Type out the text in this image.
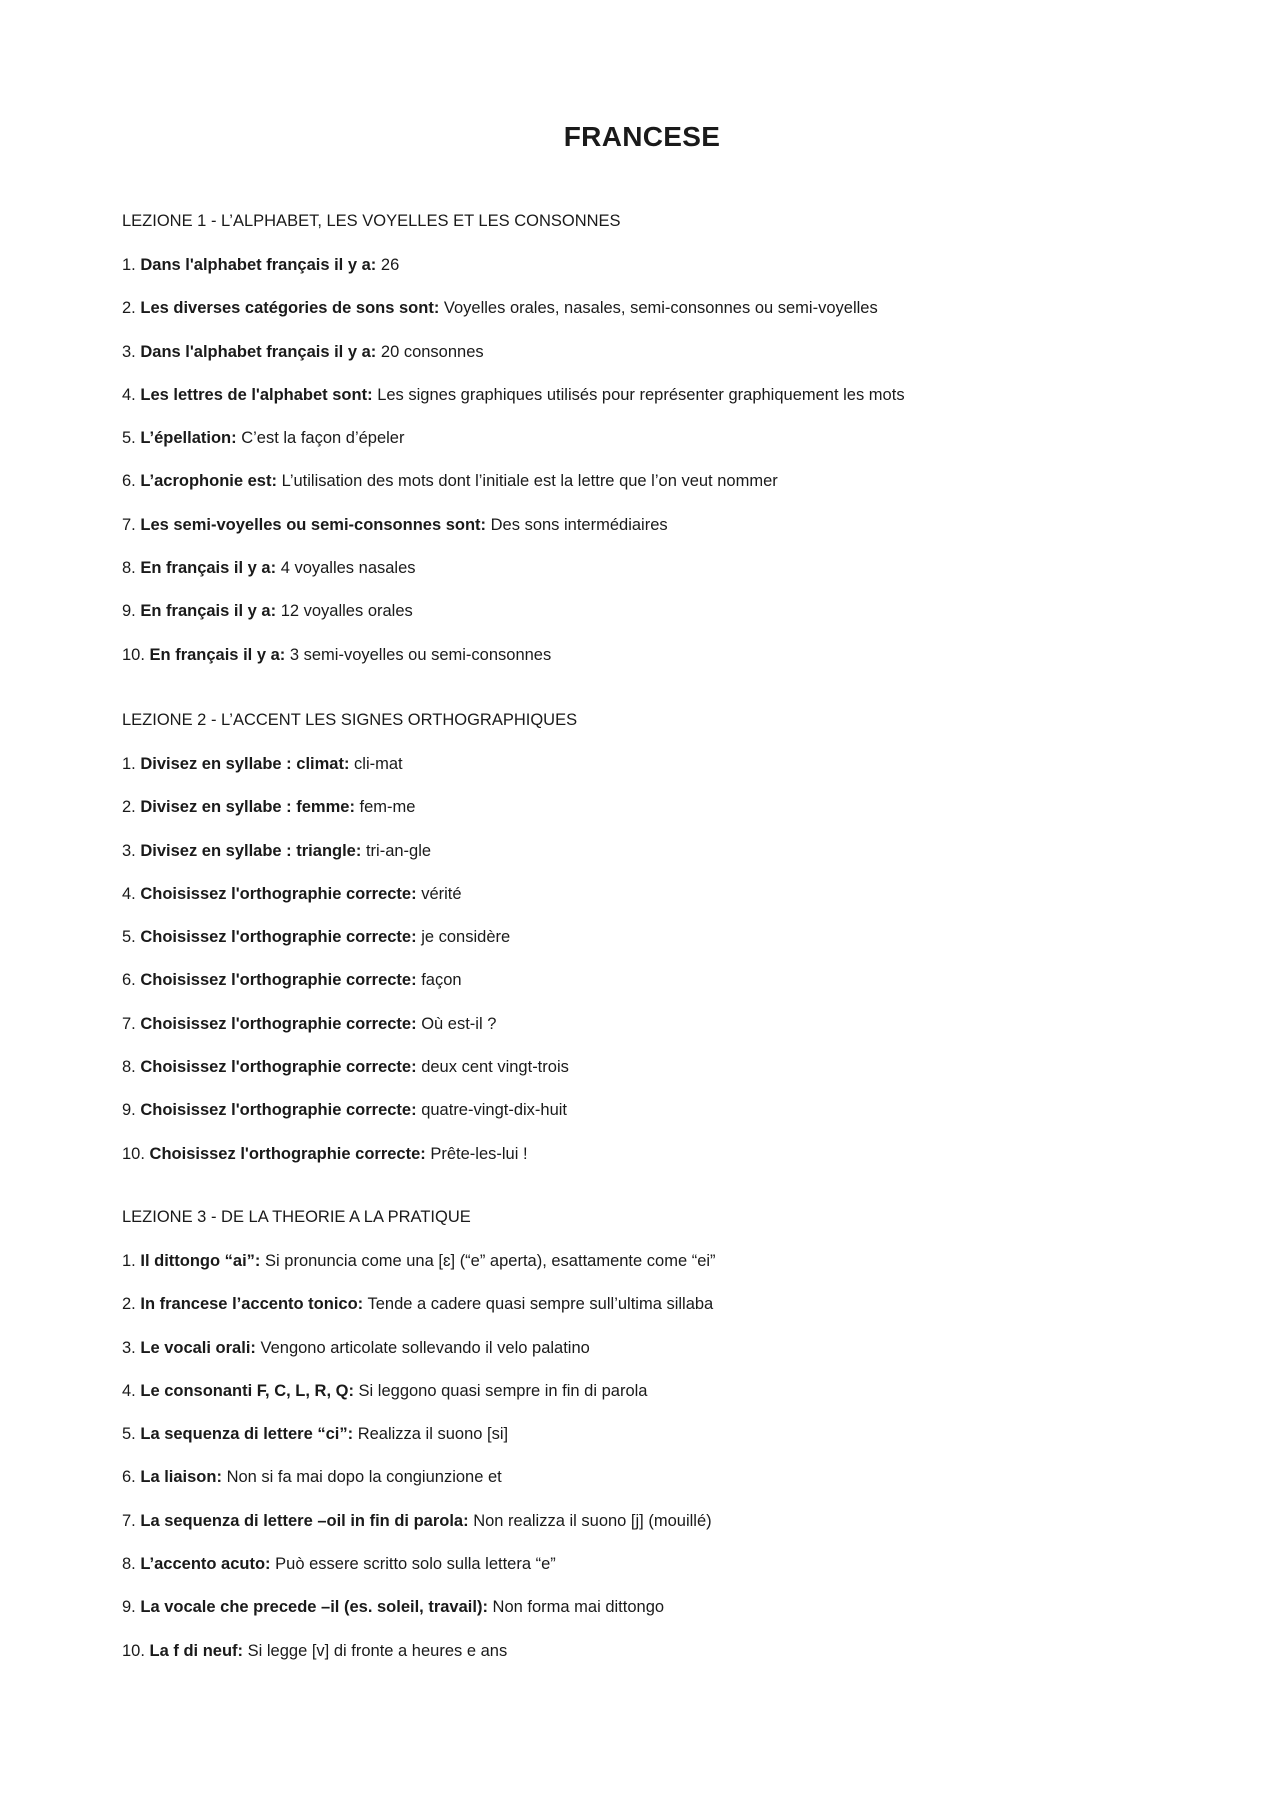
FRANCESE
LEZIONE 1 - L’ALPHABET, LES VOYELLES ET LES CONSONNES
1. Dans l'alphabet français il y a: 26
2. Les diverses catégories de sons sont: Voyelles orales, nasales, semi-consonnes ou semi-voyelles
3. Dans l'alphabet français il y a: 20 consonnes
4. Les lettres de l'alphabet sont: Les signes graphiques utilisés pour représenter graphiquement les mots
5. L’épellation: C’est la façon d’épeler
6. L’acrophonie est: L’utilisation des mots dont l’initiale est la lettre que l’on veut nommer
7. Les semi-voyelles ou semi-consonnes sont: Des sons intermédiaires
8. En français il y a: 4 voyalles nasales
9. En français il y a: 12 voyalles orales
10. En français il y a: 3 semi-voyelles ou semi-consonnes
LEZIONE 2 - L’ACCENT LES SIGNES ORTHOGRAPHIQUES
1. Divisez en syllabe : climat: cli-mat
2. Divisez en syllabe : femme: fem-me
3. Divisez en syllabe : triangle: tri-an-gle
4. Choisissez l'orthographie correcte: vérité
5. Choisissez l'orthographie correcte: je considère
6. Choisissez l'orthographie correcte: façon
7. Choisissez l'orthographie correcte: Où est-il ?
8. Choisissez l'orthographie correcte: deux cent vingt-trois
9. Choisissez l'orthographie correcte: quatre-vingt-dix-huit
10. Choisissez l'orthographie correcte: Prête-les-lui !
LEZIONE 3 - DE LA THEORIE A LA PRATIQUE
1. Il dittongo “ai”: Si pronuncia come una [ɛ] (“e” aperta), esattamente come “ei”
2. In francese l’accento tonico: Tende a cadere quasi sempre sull’ultima sillaba
3. Le vocali orali: Vengono articolate sollevando il velo palatino
4. Le consonanti F, C, L, R, Q: Si leggono quasi sempre in fin di parola
5. La sequenza di lettere “ci”: Realizza il suono [si]
6. La liaison: Non si fa mai dopo la congiunzione et
7. La sequenza di lettere –oil in fin di parola: Non realizza il suono [j] (mouillé)
8. L’accento acuto: Può essere scritto solo sulla lettera “e”
9. La vocale che precede –il (es. soleil, travail): Non forma mai dittongo
10. La f di neuf: Si legge [v] di fronte a heures e ans
